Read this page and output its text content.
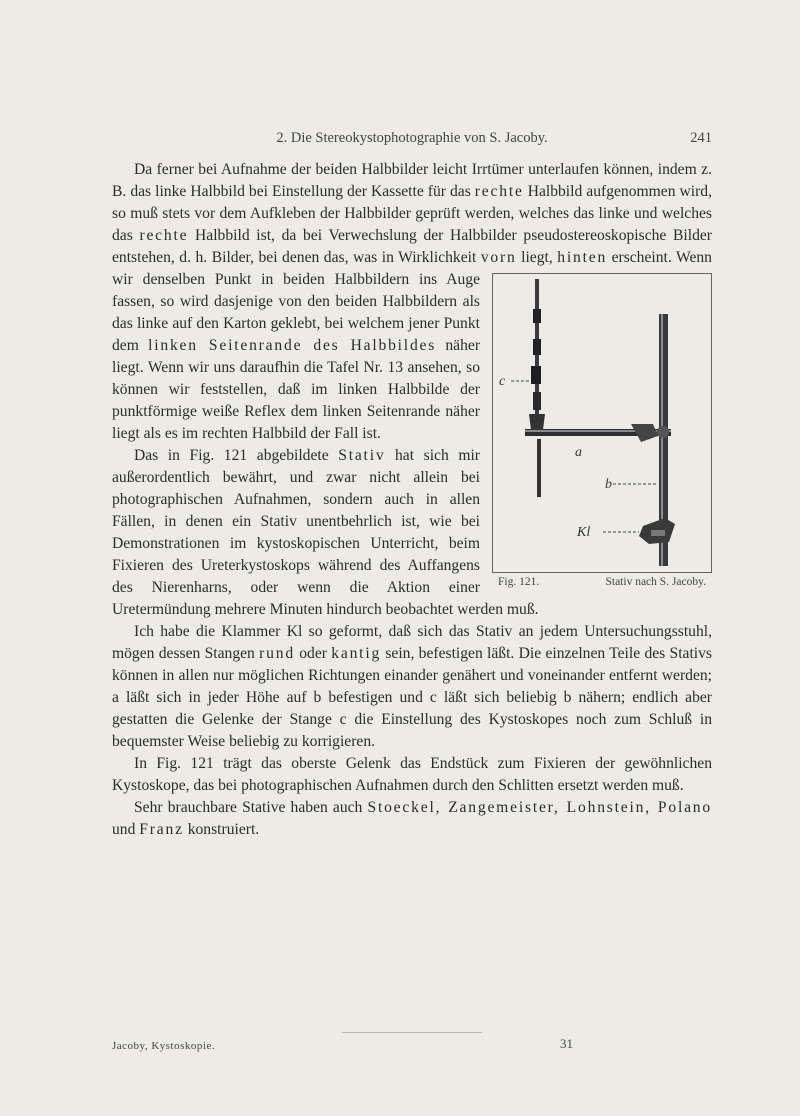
2. Die Stereokystophotographie von S. Jacoby.	241

Da ferner bei Aufnahme der beiden Halbbilder leicht Irrtümer unterlaufen können, indem z. B. das linke Halbbild bei Einstellung der Kassette für das rechte Halbbild aufgenommen wird, so muß stets vor dem Aufkleben der Halbbilder geprüft werden, welches das linke und welches das rechte Halbbild ist, da bei Verwechslung der Halbbilder pseudostereoskopische Bilder entstehen, d. h. Bilder, bei denen das, was in Wirklichkeit vorn liegt, hinten
c
a
b
Kl
Fig. 121.	Stativ nach S. Jacoby.
erscheint. Wenn wir denselben Punkt in beiden Halbbildern ins Auge fassen, so wird dasjenige von den beiden Halbbildern als das linke auf den Karton geklebt, bei welchem jener Punkt dem linken Seitenrande des Halbbildes näher liegt. Wenn wir uns daraufhin die Tafel Nr. 13 ansehen, so können wir feststellen, daß im linken Halbbilde der punktförmige weiße Reflex dem linken Seitenrande näher liegt als es im rechten Halbbild der Fall ist.

Das in Fig. 121 abgebildete Stativ hat sich mir außerordentlich bewährt, und zwar nicht allein bei photographischen Aufnahmen, sondern auch in allen Fällen, in denen ein Stativ unentbehrlich ist, wie bei Demonstrationen im kystoskopischen Unterricht, beim Fixieren des Ureterkystoskops während des Auffangens des Nierenharns, oder wenn die Aktion einer Uretermündung mehrere Minuten hindurch beobachtet werden muß.

Ich habe die Klammer Kl so geformt, daß sich das Stativ an jedem Untersuchungsstuhl, mögen dessen Stangen rund oder kantig sein, befestigen läßt. Die einzelnen Teile des Stativs können in allen nur möglichen Richtungen einander genähert und voneinander entfernt werden; a läßt sich in jeder Höhe auf b befestigen und c läßt sich beliebig b nähern; endlich aber gestatten die Gelenke der Stange c die Einstellung des Kystoskopes noch zum Schluß in bequemster Weise beliebig zu korrigieren.

In Fig. 121 trägt das oberste Gelenk das Endstück zum Fixieren der gewöhnlichen Kystoskope, das bei photographischen Aufnahmen durch den Schlitten ersetzt werden muß.

Sehr brauchbare Stative haben auch Stoeckel, Zangemeister, Lohnstein, Polano und Franz konstruiert.

Jacoby, Kystoskopie.	31
